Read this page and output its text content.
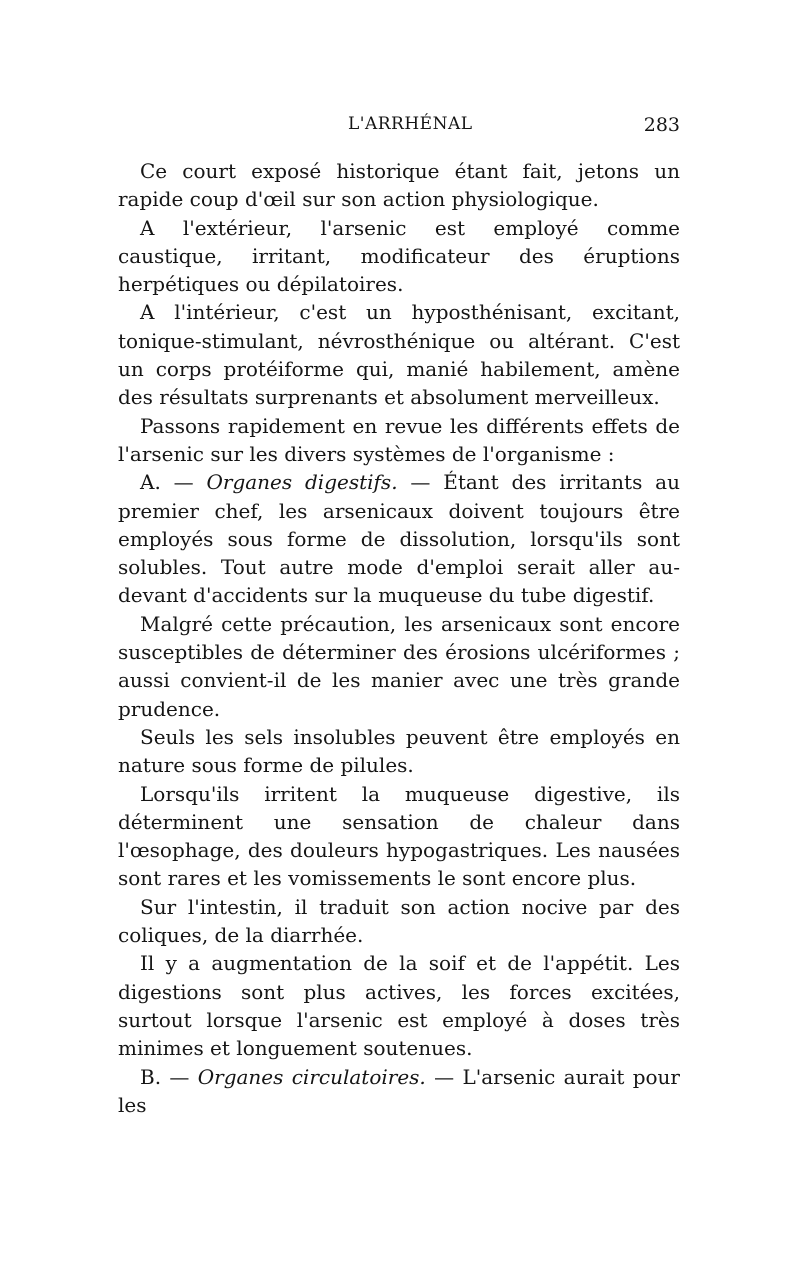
L'ARRHÉNAL	283

Ce court exposé historique étant fait, jetons un rapide coup d'œil sur son action physiologique.

A l'extérieur, l'arsenic est employé comme caustique, irritant, modificateur des éruptions herpétiques ou dépilatoires.

A l'intérieur, c'est un hyposthénisant, excitant, tonique-stimulant, névrosthénique ou altérant. C'est un corps protéiforme qui, manié habilement, amène des résultats surprenants et absolument merveilleux.

Passons rapidement en revue les différents effets de l'arsenic sur les divers systèmes de l'organisme :

A. — Organes digestifs. — Étant des irritants au premier chef, les arsenicaux doivent toujours être employés sous forme de dissolution, lorsqu'ils sont solubles. Tout autre mode d'emploi serait aller au-devant d'accidents sur la muqueuse du tube digestif.

Malgré cette précaution, les arsenicaux sont encore susceptibles de déterminer des érosions ulcériformes ; aussi convient-il de les manier avec une très grande prudence.

Seuls les sels insolubles peuvent être employés en nature sous forme de pilules.

Lorsqu'ils irritent la muqueuse digestive, ils déterminent une sensation de chaleur dans l'œsophage, des douleurs hypogastriques. Les nausées sont rares et les vomissements le sont encore plus.

Sur l'intestin, il traduit son action nocive par des coliques, de la diarrhée.

Il y a augmentation de la soif et de l'appétit. Les digestions sont plus actives, les forces excitées, surtout lorsque l'arsenic est employé à doses très minimes et longuement soutenues.

B. — Organes circulatoires. — L'arsenic aurait pour les
